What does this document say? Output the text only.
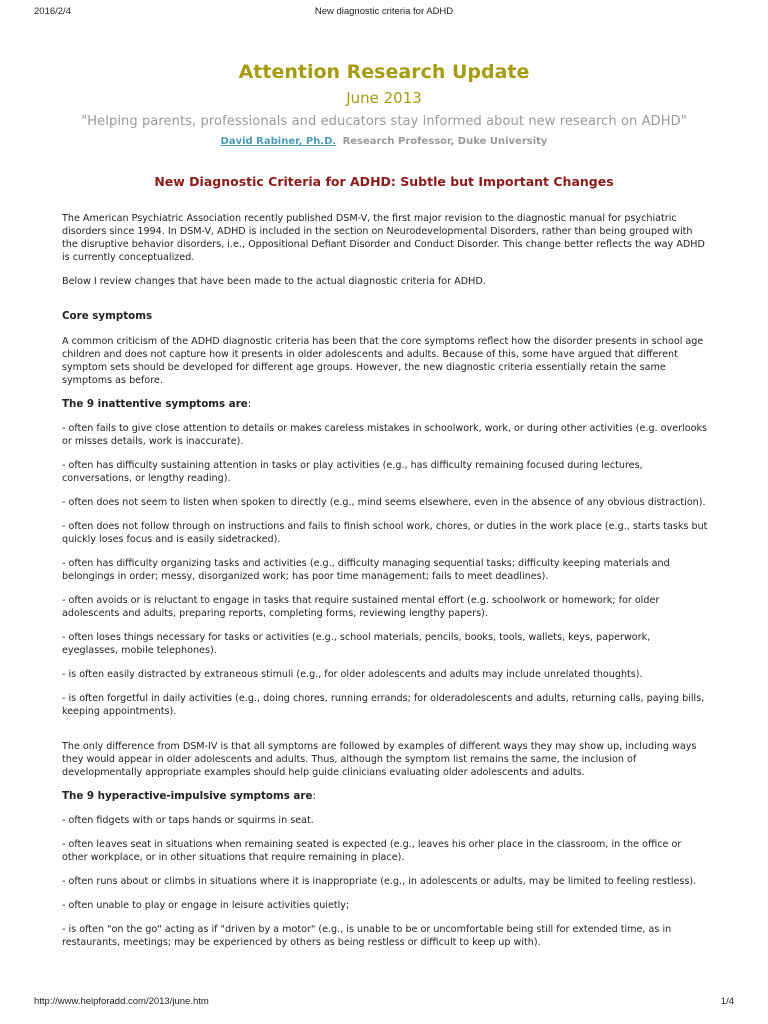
2016/2/4	New diagnostic criteria for ADHD
Attention Research Update
June 2013
"Helping parents, professionals and educators stay informed about new research on ADHD"
David Rabiner, Ph.D. Research Professor, Duke University
New Diagnostic Criteria for ADHD: Subtle but Important Changes

The American Psychiatric Association recently published DSM-V, the first major revision to the diagnostic manual for psychiatric disorders since 1994. In DSM-V, ADHD is included in the section on Neurodevelopmental Disorders, rather than being grouped with the disruptive behavior disorders, i.e., Oppositional Defiant Disorder and Conduct Disorder. This change better reflects the way ADHD is currently conceptualized.

Below I review changes that have been made to the actual diagnostic criteria for ADHD.

Core symptoms

A common criticism of the ADHD diagnostic criteria has been that the core symptoms reflect how the disorder presents in school age children and does not capture how it presents in older adolescents and adults. Because of this, some have argued that different symptom sets should be developed for different age groups. However, the new diagnostic criteria essentially retain the same symptoms as before.

The 9 inattentive symptoms are:

- often fails to give close attention to details or makes careless mistakes in schoolwork, work, or during other activities (e.g. overlooks or misses details, work is inaccurate).

- often has difficulty sustaining attention in tasks or play activities (e.g., has difficulty remaining focused during lectures, conversations, or lengthy reading).

- often does not seem to listen when spoken to directly (e.g., mind seems elsewhere, even in the absence of any obvious distraction).

- often does not follow through on instructions and fails to finish school work, chores, or duties in the work place (e.g., starts tasks but quickly loses focus and is easily sidetracked).

- often has difficulty organizing tasks and activities (e.g., difficulty managing sequential tasks; difficulty keeping materials and belongings in order; messy, disorganized work; has poor time management; fails to meet deadlines).

- often avoids or is reluctant to engage in tasks that require sustained mental effort (e.g. schoolwork or homework; for older adolescents and adults, preparing reports, completing forms, reviewing lengthy papers).

- often loses things necessary for tasks or activities (e.g., school materials, pencils, books, tools, wallets, keys, paperwork, eyeglasses, mobile telephones).

- is often easily distracted by extraneous stimuli (e.g., for older adolescents and adults may include unrelated thoughts).

- is often forgetful in daily activities (e.g., doing chores, running errands; for olderadolescents and adults, returning calls, paying bills, keeping appointments).

The only difference from DSM-IV is that all symptoms are followed by examples of different ways they may show up, including ways they would appear in older adolescents and adults. Thus, although the symptom list remains the same, the inclusion of developmentally appropriate examples should help guide clinicians evaluating older adolescents and adults.

The 9 hyperactive-impulsive symptoms are:

- often fidgets with or taps hands or squirms in seat.

- often leaves seat in situations when remaining seated is expected (e.g., leaves his orher place in the classroom, in the office or other workplace, or in other situations that require remaining in place).

- often runs about or climbs in situations where it is inappropriate (e.g., in adolescents or adults, may be limited to feeling restless).

- often unable to play or engage in leisure activities quietly;

- is often "on the go" acting as if "driven by a motor" (e.g., is unable to be or uncomfortable being still for extended time, as in restaurants, meetings; may be experienced by others as being restless or difficult to keep up with).

http://www.helpforadd.com/2013/june.htm	1/4
